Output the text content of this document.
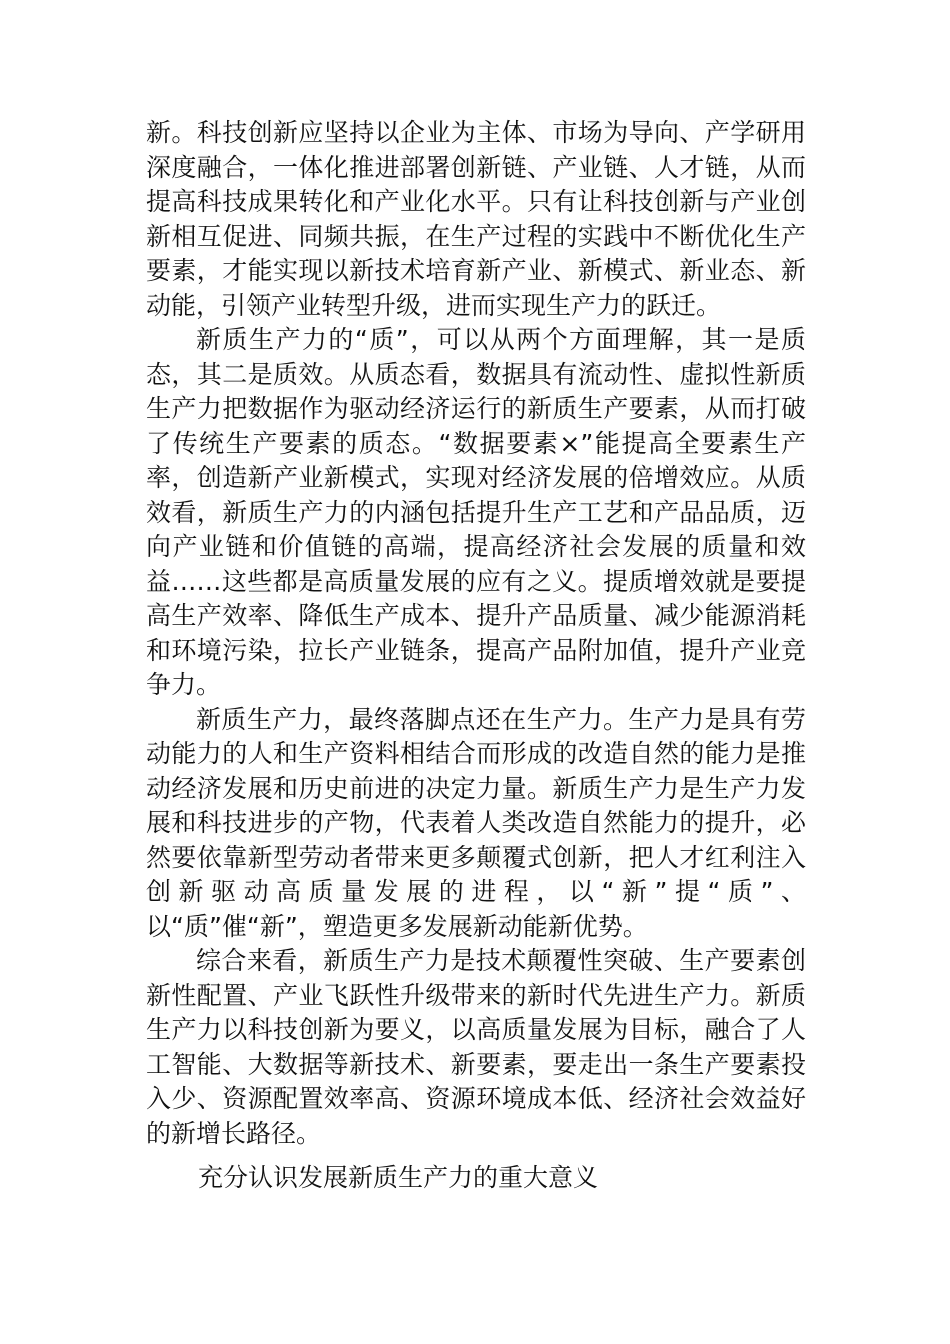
新。科技创新应坚持以企业为主体、市场为导向、产学研用深度融合，一体化推进部署创新链、产业链、人才链，从而提高科技成果转化和产业化水平。只有让科技创新与产业创新相互促进、同频共振，在生产过程的实践中不断优化生产要素，才能实现以新技术培育新产业、新模式、新业态、新动能，引领产业转型升级，进而实现生产力的跃迁。

新质生产力的“质”，可以从两个方面理解，其一是质态，其二是质效。从质态看，数据具有流动性、虚拟性新质生产力把数据作为驱动经济运行的新质生产要素，从而打破了传统生产要素的质态。“数据要素×”能提高全要素生产率，创造新产业新模式，实现对经济发展的倍增效应。从质效看，新质生产力的内涵包括提升生产工艺和产品品质，迈向产业链和价值链的高端，提高经济社会发展的质量和效益……这些都是高质量发展的应有之义。提质增效就是要提高生产效率、降低生产成本、提升产品质量、减少能源消耗和环境污染，拉长产业链条，提高产品附加值，提升产业竞争力。

新质生产力，最终落脚点还在生产力。生产力是具有劳动能力的人和生产资料相结合而形成的改造自然的能力是推动经济发展和历史前进的决定力量。新质生产力是生产力发展和科技进步的产物，代表着人类改造自然能力的提升，必然要依靠新型劳动者带来更多颠覆式创新，把人才红利注入创新驱动高质量发展的进程，以“新”提“质”、以“质”催“新”，塑造更多发展新动能新优势。

综合来看，新质生产力是技术颠覆性突破、生产要素创新性配置、产业飞跃性升级带来的新时代先进生产力。新质生产力以科技创新为要义，以高质量发展为目标，融合了人工智能、大数据等新技术、新要素，要走出一条生产要素投入少、资源配置效率高、资源环境成本低、经济社会效益好的新增长路径。

充分认识发展新质生产力的重大意义
